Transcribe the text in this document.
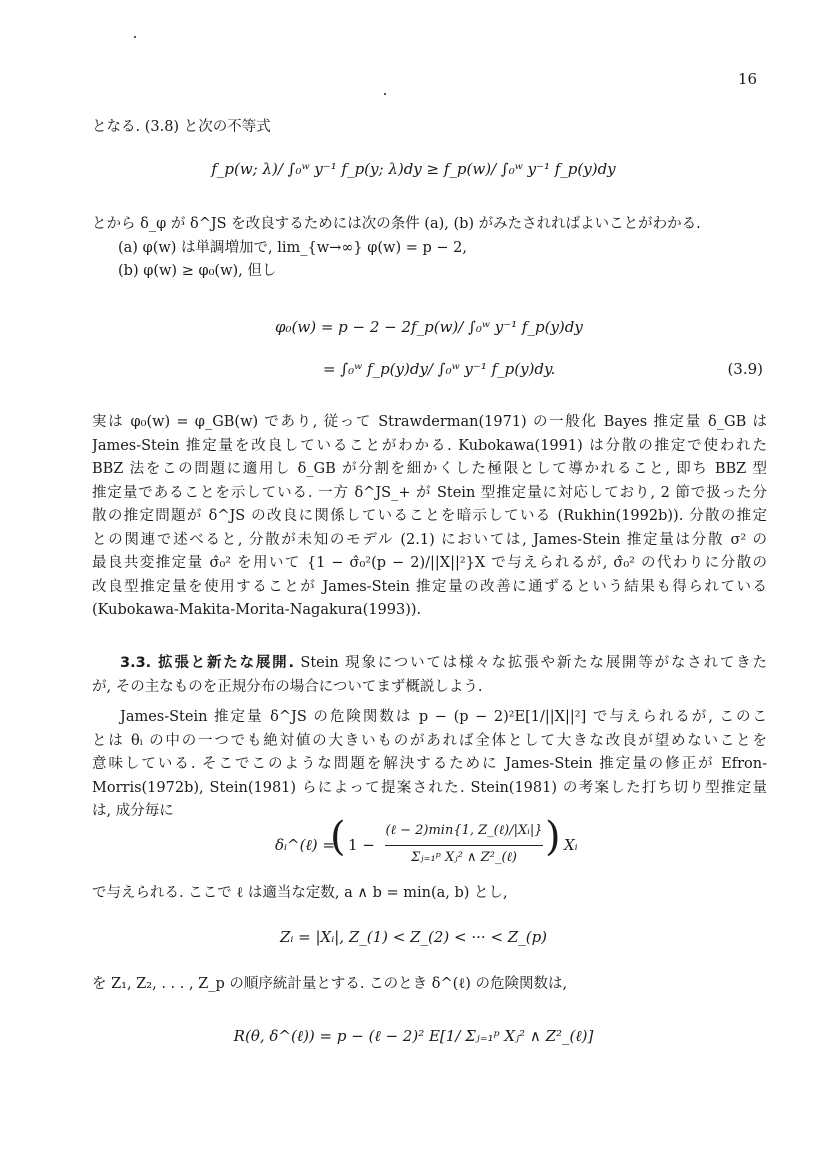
16
となる. (3.8) と次の不等式
f_p(w; λ)/ ∫₀ʷ y⁻¹ f_p(y; λ)dy ≥ f_p(w)/ ∫₀ʷ y⁻¹ f_p(y)dy
とから δ_φ が δ^JS を改良するためには次の条件 (a), (b) がみたされればよいことがわかる.
(a) φ(w) は単調増加で, lim_{w→∞} φ(w) = p − 2,
(b) φ(w) ≥ φ₀(w), 但し
φ₀(w) = p − 2 − 2f_p(w)/ ∫₀ʷ y⁻¹ f_p(y)dy
= ∫₀ʷ f_p(y)dy/ ∫₀ʷ y⁻¹ f_p(y)dy.	(3.9)
実は φ₀(w) = φ_GB(w) であり, 従って Strawderman(1971) の一般化 Bayes 推定量 δ_GB は
James-Stein 推定量を改良していることがわかる. Kubokawa(1991) は分散の推定で使われた
BBZ 法をこの問題に適用し δ_GB が分割を細かくした極限として導かれること, 即ち BBZ 型
推定量であることを示している. 一方 δ^JS_+ が Stein 型推定量に対応しており, 2 節で扱った分
散の推定問題が δ^JS の改良に関係していることを暗示している (Rukhin(1992b)). 分散の推定
との関連で述べると, 分散が未知のモデル (2.1) においては, James-Stein 推定量は分散 σ² の
最良共変推定量 σ̂₀² を用いて {1 − σ̂₀²(p − 2)/||X||²}X で与えられるが, σ̂₀² の代わりに分散の
改良型推定量を使用することが James-Stein 推定量の改善に通ずるという結果も得られている
(Kubokawa-Makita-Morita-Nagakura(1993)).
3.3. 拡張と新たな展開. Stein 現象については様々な拡張や新たな展開等がなされてきた
が, その主なものを正規分布の場合についてまず概説しよう.
James-Stein 推定量 δ^JS の危険関数は p − (p − 2)²E[1/||X||²] で与えられるが, このこ
とは θᵢ の中の一つでも絶対値の大きいものがあれば全体として大きな改良が望めないことを
意味している. そこでこのような問題を解決するために James-Stein 推定量の修正が Efron-
Morris(1972b), Stein(1981) らによって提案された. Stein(1981) の考案した打ち切り型推定量
は, 成分毎に
δᵢ^(ℓ) =
( 1 −
(ℓ − 2)min{1, Z_(ℓ)/|Xᵢ|}
Σⱼ₌₁ᵖ Xⱼ² ∧ Z²_(ℓ) ) Xᵢ
で与えられる. ここで ℓ は適当な定数, a ∧ b = min(a, b) とし,
Zᵢ = |Xᵢ|, Z_(1) < Z_(2) < ··· < Z_(p)
を Z₁, Z₂, . . . , Z_p の順序統計量とする. このとき δ^(ℓ) の危険関数は,
R(θ, δ^(ℓ)) = p − (ℓ − 2)² E[1/ Σⱼ₌₁ᵖ Xⱼ² ∧ Z²_(ℓ)]
